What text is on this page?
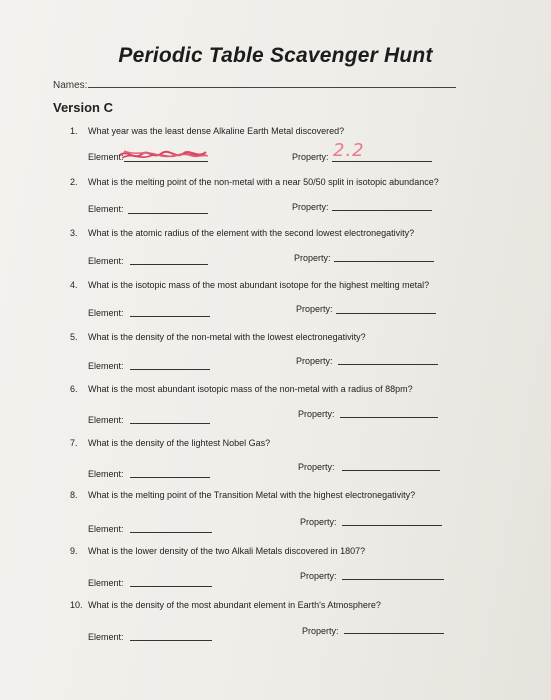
Periodic Table Scavenger Hunt
Names:
Version C
1. What year was the least dense Alkaline Earth Metal discovered?
Element:	Property: 2.2
2. What is the melting point of the non-metal with a near 50/50 split in isotopic abundance?
Element:	Property:
3. What is the atomic radius of the element with the second lowest electronegativity?
Element:	Property:
4. What is the isotopic mass of the most abundant isotope for the highest melting metal?
Element:	Property:
5. What is the density of the non-metal with the lowest electronegativity?
Element:	Property:
6. What is the most abundant isotopic mass of the non-metal with a radius of 88pm?
Element:
Property:
7. What is the density of the lightest Nobel Gas?
Element:
Property:
8. What is the melting point of the Transition Metal with the highest electronegativity?
Element:
Property:
9. What is the lower density of the two Alkali Metals discovered in 1807?
Element:
Property:
10. What is the density of the most abundant element in Earth's Atmosphere?
Element:
Property:
